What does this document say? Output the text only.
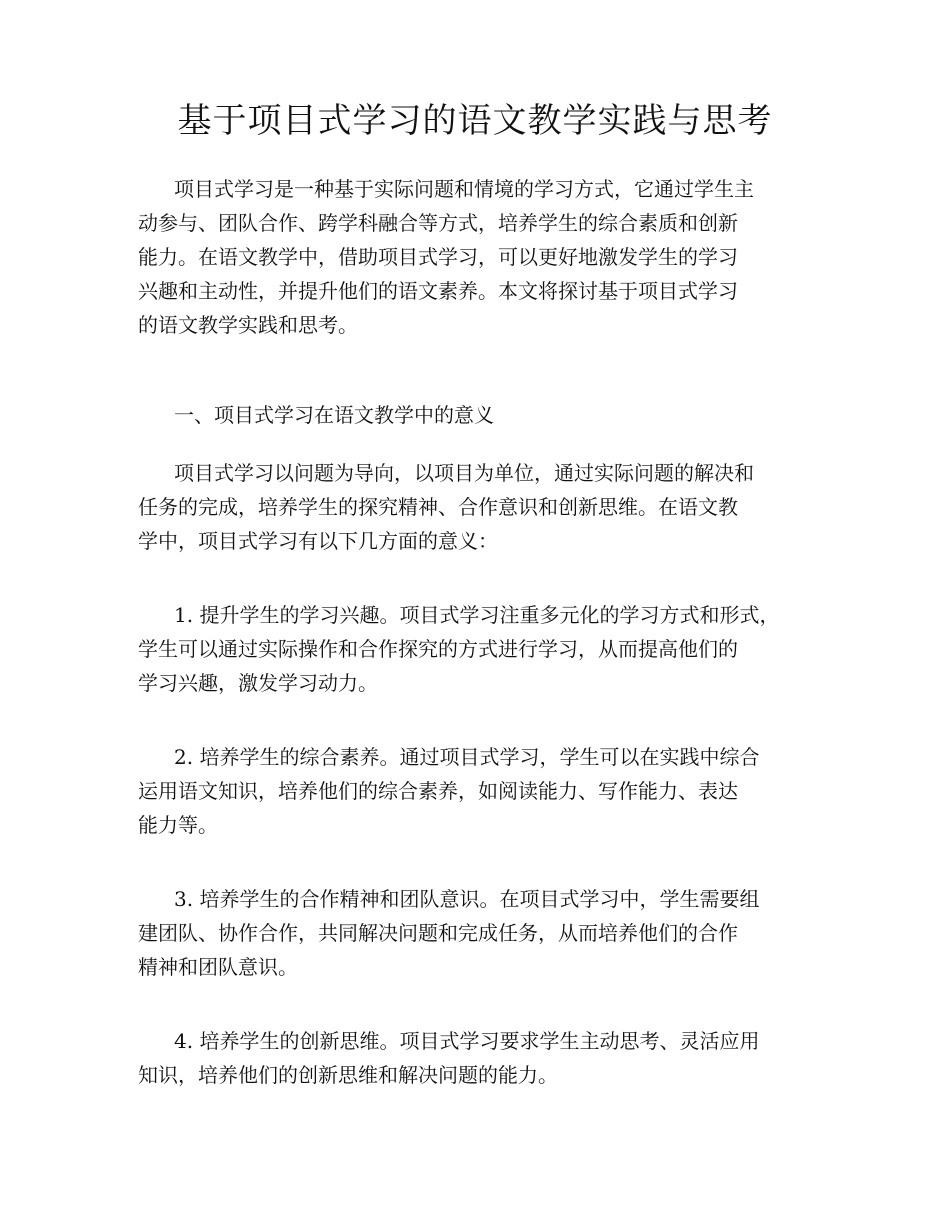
基于项目式学习的语文教学实践与思考

项目式学习是一种基于实际问题和情境的学习方式，它通过学生主
动参与、团队合作、跨学科融合等方式，培养学生的综合素质和创新
能力。在语文教学中，借助项目式学习，可以更好地激发学生的学习
兴趣和主动性，并提升他们的语文素养。本文将探讨基于项目式学习
的语文教学实践和思考。

一、项目式学习在语文教学中的意义

项目式学习以问题为导向，以项目为单位，通过实际问题的解决和
任务的完成，培养学生的探究精神、合作意识和创新思维。在语文教
学中，项目式学习有以下几方面的意义：

1. 提升学生的学习兴趣。项目式学习注重多元化的学习方式和形式，
学生可以通过实际操作和合作探究的方式进行学习，从而提高他们的
学习兴趣，激发学习动力。

2. 培养学生的综合素养。通过项目式学习，学生可以在实践中综合
运用语文知识，培养他们的综合素养，如阅读能力、写作能力、表达
能力等。

3. 培养学生的合作精神和团队意识。在项目式学习中，学生需要组
建团队、协作合作，共同解决问题和完成任务，从而培养他们的合作
精神和团队意识。

4. 培养学生的创新思维。项目式学习要求学生主动思考、灵活应用
知识，培养他们的创新思维和解决问题的能力。
